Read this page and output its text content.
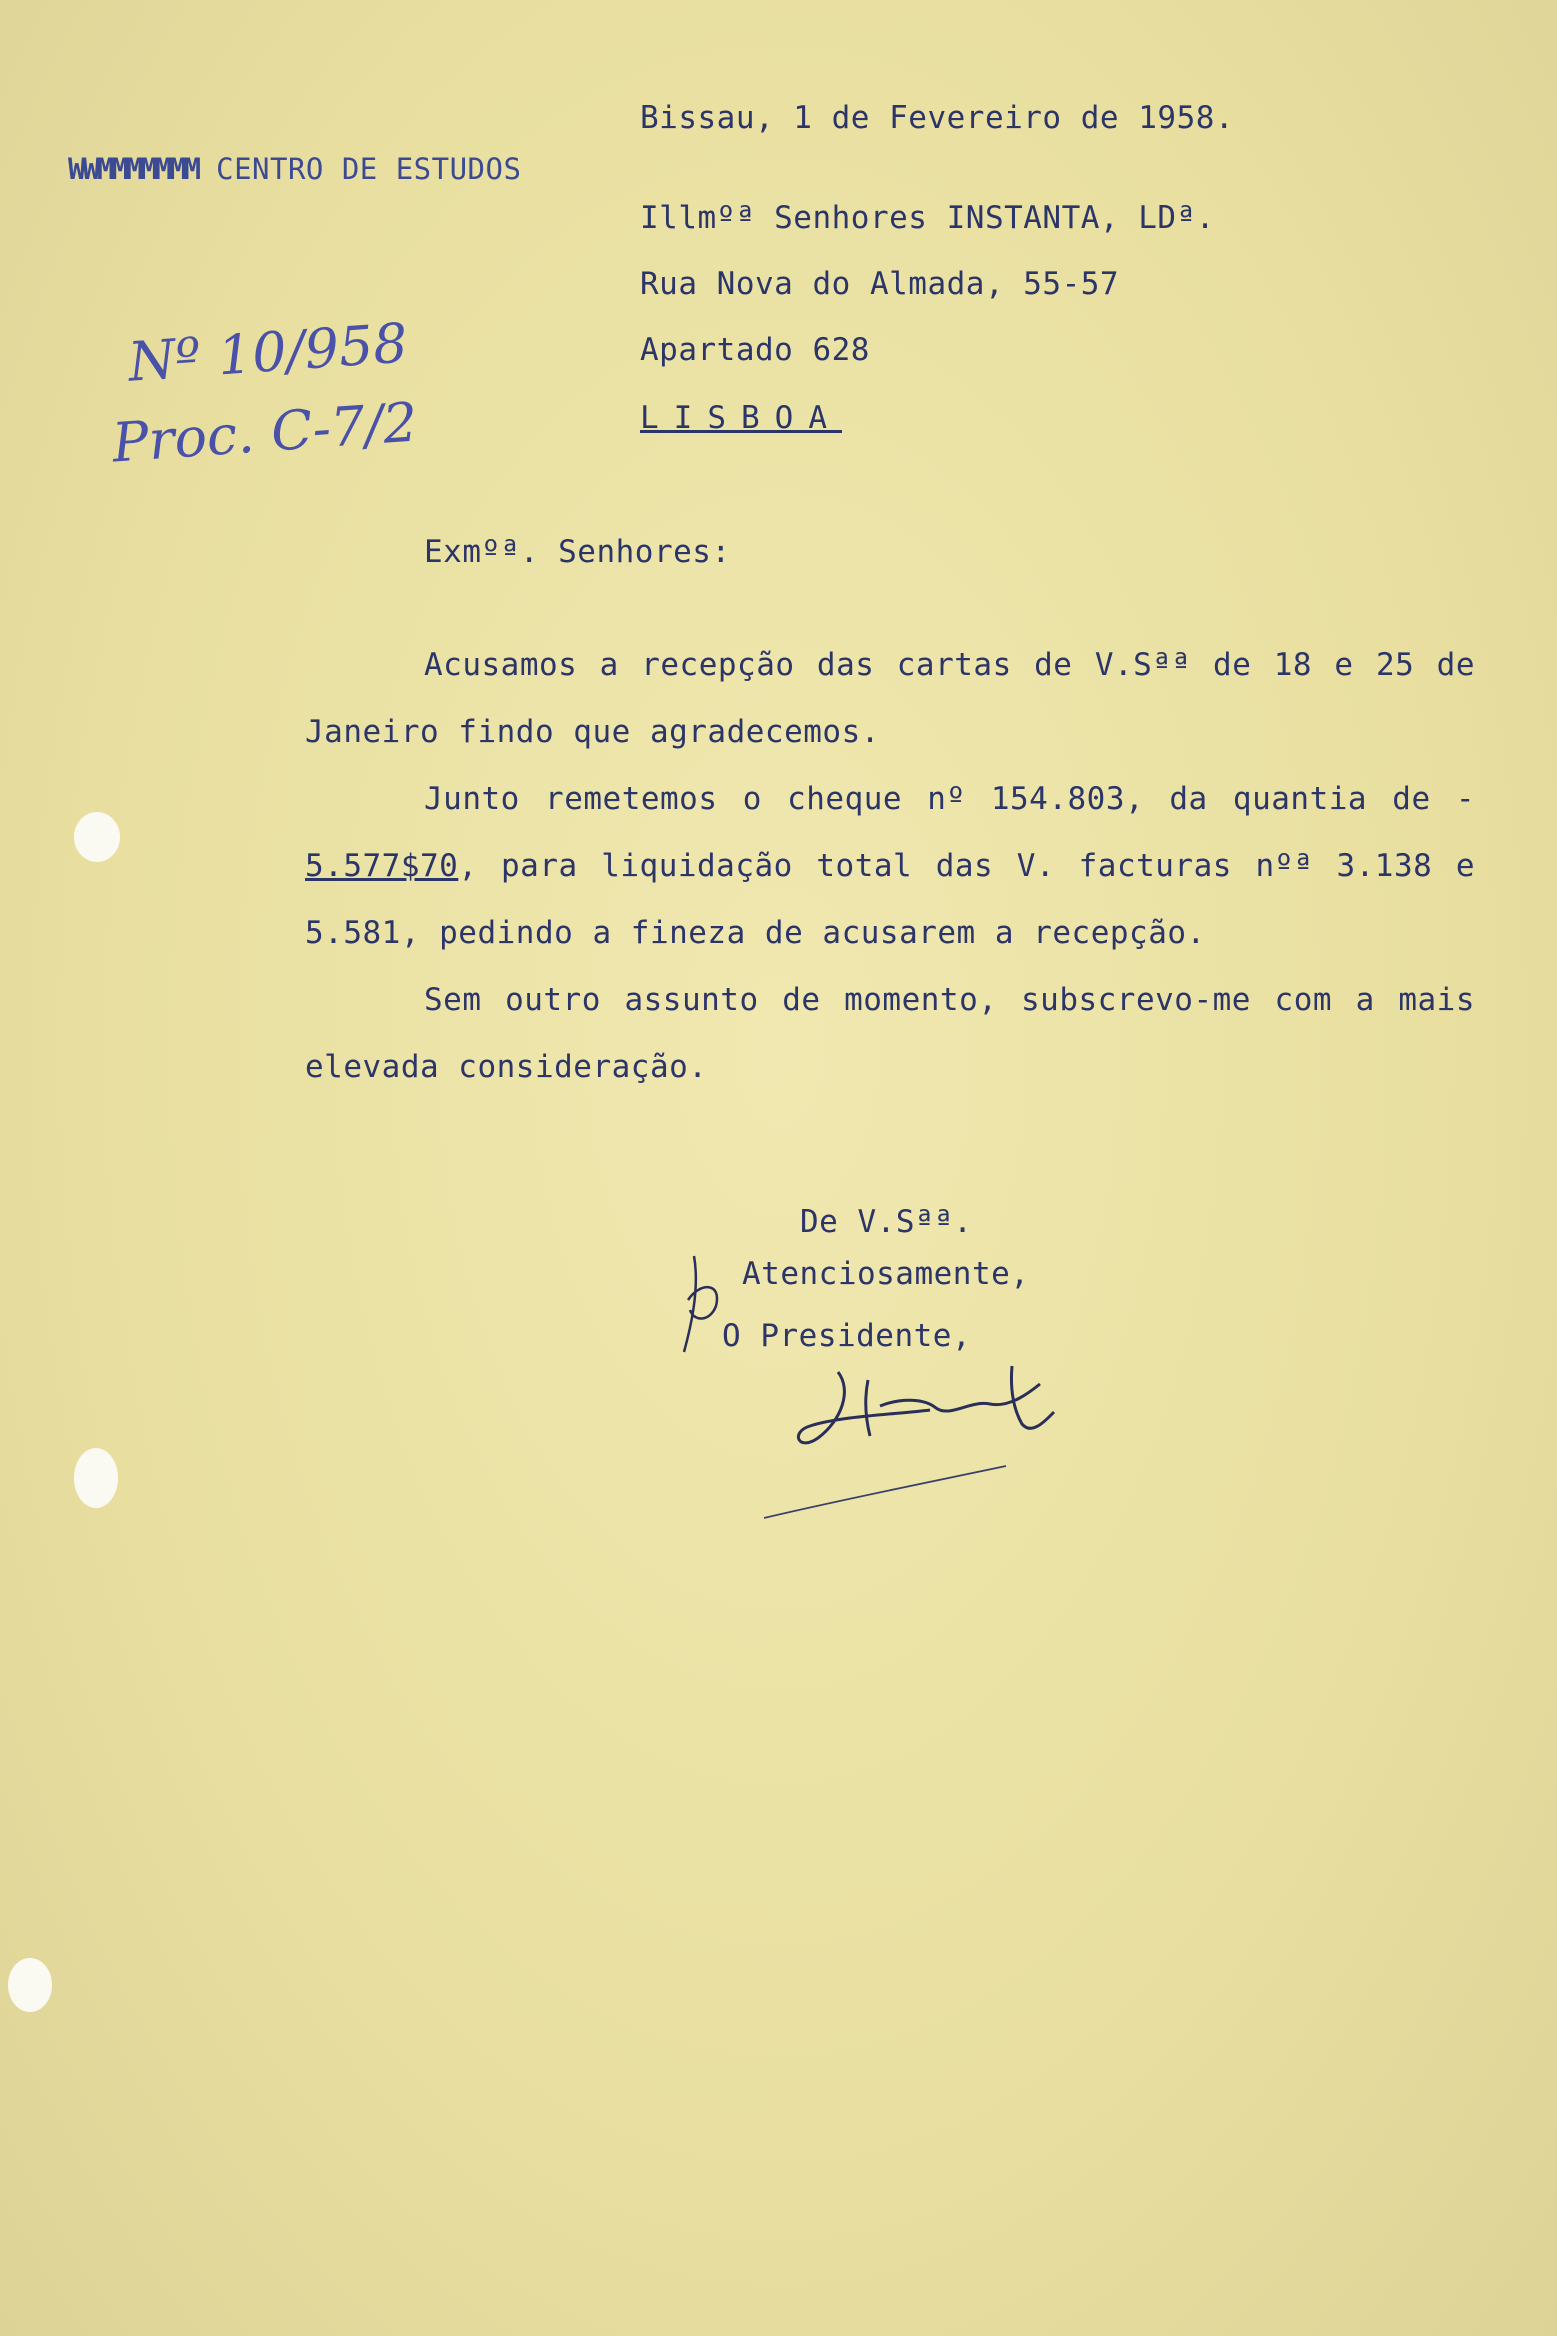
WWMMMMMMM CENTRO DE ESTUDOS
Bissau, 1 de Fevereiro de 1958.
Illmºª Senhores INSTANTA, LDª.
Rua Nova do Almada, 55-57
Apartado 628
LISBOA
Nº 10/958
Proc. C-7/2
Exmºª. Senhores:

Acusamos a recepção das cartas de V.Sªª de 18 e 25 de Janeiro findo que agradecemos.

Junto remetemos o cheque nº 154.803, da quantia de - 5.577$70, para liquidação total das V. facturas nºª 3.138 e 5.581, pedindo a fineza de acusarem a recepção.

Sem outro assunto de momento, subscrevo-me com a mais elevada consideração.

De V.Sªª.
Atenciosamente,
O Presidente,
